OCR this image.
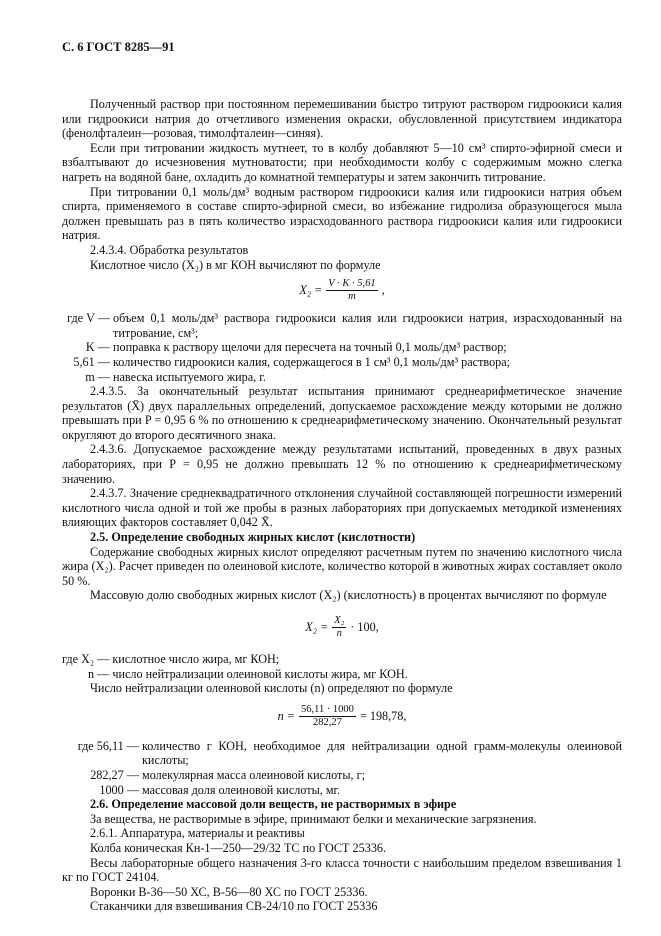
С. 6 ГОСТ 8285—91

Полученный раствор при постоянном перемешивании быстро титруют раствором гидроокиси калия или гидроокиси натрия до отчетливого изменения окраски, обусловленной присутствием индикатора (фенолфталеин—розовая, тимолфталеин—синяя).

Если при титровании жидкость мутнеет, то в колбу добавляют 5—10 см³ спирто-эфирной смеси и взбалтывают до исчезновения мутноватости; при необходимости колбу с содержимым можно слегка нагреть на водяной бане, охладить до комнатной температуры и затем закончить титрование.

При титровании 0,1 моль/дм³ водным раствором гидроокиси калия или гидроокиси натрия объем спирта, применяемого в составе спирто-эфирной смеси, во избежание гидролиза образующегося мыла должен превышать раз в пять количество израсходованного раствора гидроокиси калия или гидроокиси натрия.

2.4.3.4. Обработка результатов

Кислотное число (X₂) в мг КОН вычисляют по формуле

$X_2 = \frac{V \cdot K \cdot 5,61}{m}$ ,
где V — объем 0,1 моль/дм³ раствора гидроокиси калия или гидроокиси натрия, израсходованный на титрование, см³;
K — поправка к раствору щелочи для пересчета на точный 0,1 моль/дм³ раствор;
5,61 — количество гидроокиси калия, содержащегося в 1 см³ 0,1 моль/дм³ раствора;
m — навеска испытуемого жира, г.

2.4.3.5. За окончательный результат испытания принимают среднеарифметическое значение результатов (X̄) двух параллельных определений, допускаемое расхождение между которыми не должно превышать при P = 0,95 6 % по отношению к среднеарифметическому значению. Окончательный результат округляют до второго десятичного знака.

2.4.3.6. Допускаемое расхождение между результатами испытаний, проведенных в двух разных лабораториях, при P = 0,95 не должно превышать 12 % по отношению к среднеарифметическому значению.

2.4.3.7. Значение среднеквадратичного отклонения случайной составляющей погрешности измерений кислотного числа одной и той же пробы в разных лабораториях при допускаемых методикой изменениях влияющих факторов составляет 0,042 X̄.

2.5. Определение свободных жирных кислот (кислотности)

Содержание свободных жирных кислот определяют расчетным путем по значению кислотного числа жира (X₂). Расчет приведен по олеиновой кислоте, количество которой в животных жирах составляет около 50 %.

Массовую долю свободных жирных кислот (X₂) (кислотность) в процентах вычисляют по формуле

$X_2 = \frac{\text{X₂}}{n} \cdot 100$,

где X₂ — кислотное число жира, мг КОН;

n — число нейтрализации олеиновой кислоты жира, мг КОН.

Число нейтрализации олеиновой кислоты (n) определяют по формуле

$n = \frac{56,11 \cdot 1000}{282,27} = 198,78$,
где 56,11 — количество г КОН, необходимое для нейтрализации одной грамм-молекулы олеиновой кислоты;
282,27 — молекулярная масса олеиновой кислоты, г;
1000 — массовая доля олеиновой кислоты, мг.

2.6. Определение массовой доли веществ, не растворимых в эфире

За вещества, не растворимые в эфире, принимают белки и механические загрязнения.

2.6.1. Аппаратура, материалы и реактивы

Колба коническая Кн-1—250—29/32 ТС по ГОСТ 25336.

Весы лабораторные общего назначения 3-го класса точности с наибольшим пределом взвешивания 1 кг по ГОСТ 24104.

Воронки В-36—50 ХС, В-56—80 ХС по ГОСТ 25336.

Стаканчики для взвешивания СВ-24/10 по ГОСТ 25336
